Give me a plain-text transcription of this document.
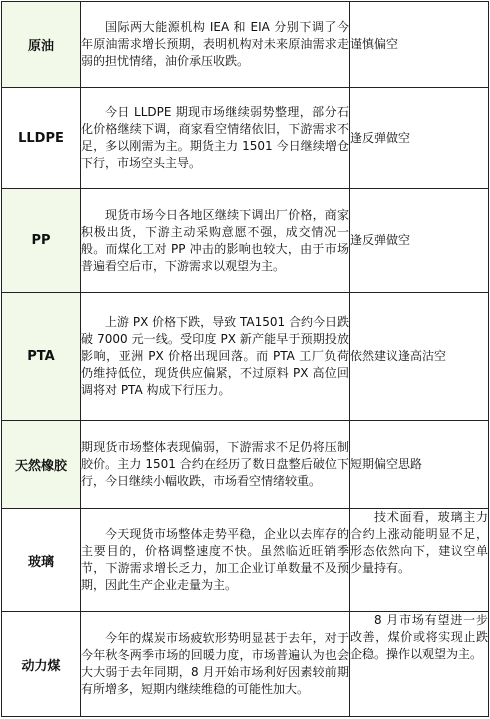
原油	国际两大能源机构 IEA 和 EIA 分别下调了今年原油需求增长预期，表明机构对未来原油需求走弱的担忧情绪，油价承压收跌。	谨慎偏空
LLDPE	今日 LLDPE 期现市场继续弱势整理，部分石化价格继续下调，商家看空情绪依旧，下游需求不足，多以刚需为主。期货主力 1501 今日继续增仓下行，市场空头主导。	逢反弹做空
PP	现货市场今日各地区继续下调出厂价格，商家积极出货，下游主动采购意愿不强，成交情况一般。而煤化工对 PP 冲击的影响也较大，由于市场普遍看空后市，下游需求以观望为主。	逢反弹做空
PTA	上游 PX 价格下跌，导致 TA1501 合约今日跌破 7000 元一线。受印度 PX 新产能早于预期投放影响，亚洲 PX 价格出现回落。而 PTA 工厂负荷仍维持低位，现货供应偏紧，不过原料 PX 高位回调将对 PTA 构成下行压力。	依然建议逢高沽空
天然橡胶	期现货市场整体表现偏弱，下游需求不足仍将压制胶价。主力 1501 合约在经历了数日盘整后破位下行，今日继续小幅收跌，市场看空情绪较重。	短期偏空思路
玻璃	今天现货市场整体走势平稳，企业以去库存的主要目的，价格调整速度不快。虽然临近旺销季节，下游需求增长乏力，加工企业订单数量不及预期，因此生产企业走量为主。	技术面看，玻璃主力合约上涨动能明显不足，形态依然向下，建议空单少量持有。
动力煤	今年的煤炭市场疲软形势明显甚于去年，对于今年秋冬两季市场的回暖力度，市场普遍认为也会大大弱于去年同期，8 月开始市场利好因素较前期有所增多，短期内继续维稳的可能性加大。	8 月市场有望进一步改善，煤价或将实现止跌企稳。操作以观望为主。
